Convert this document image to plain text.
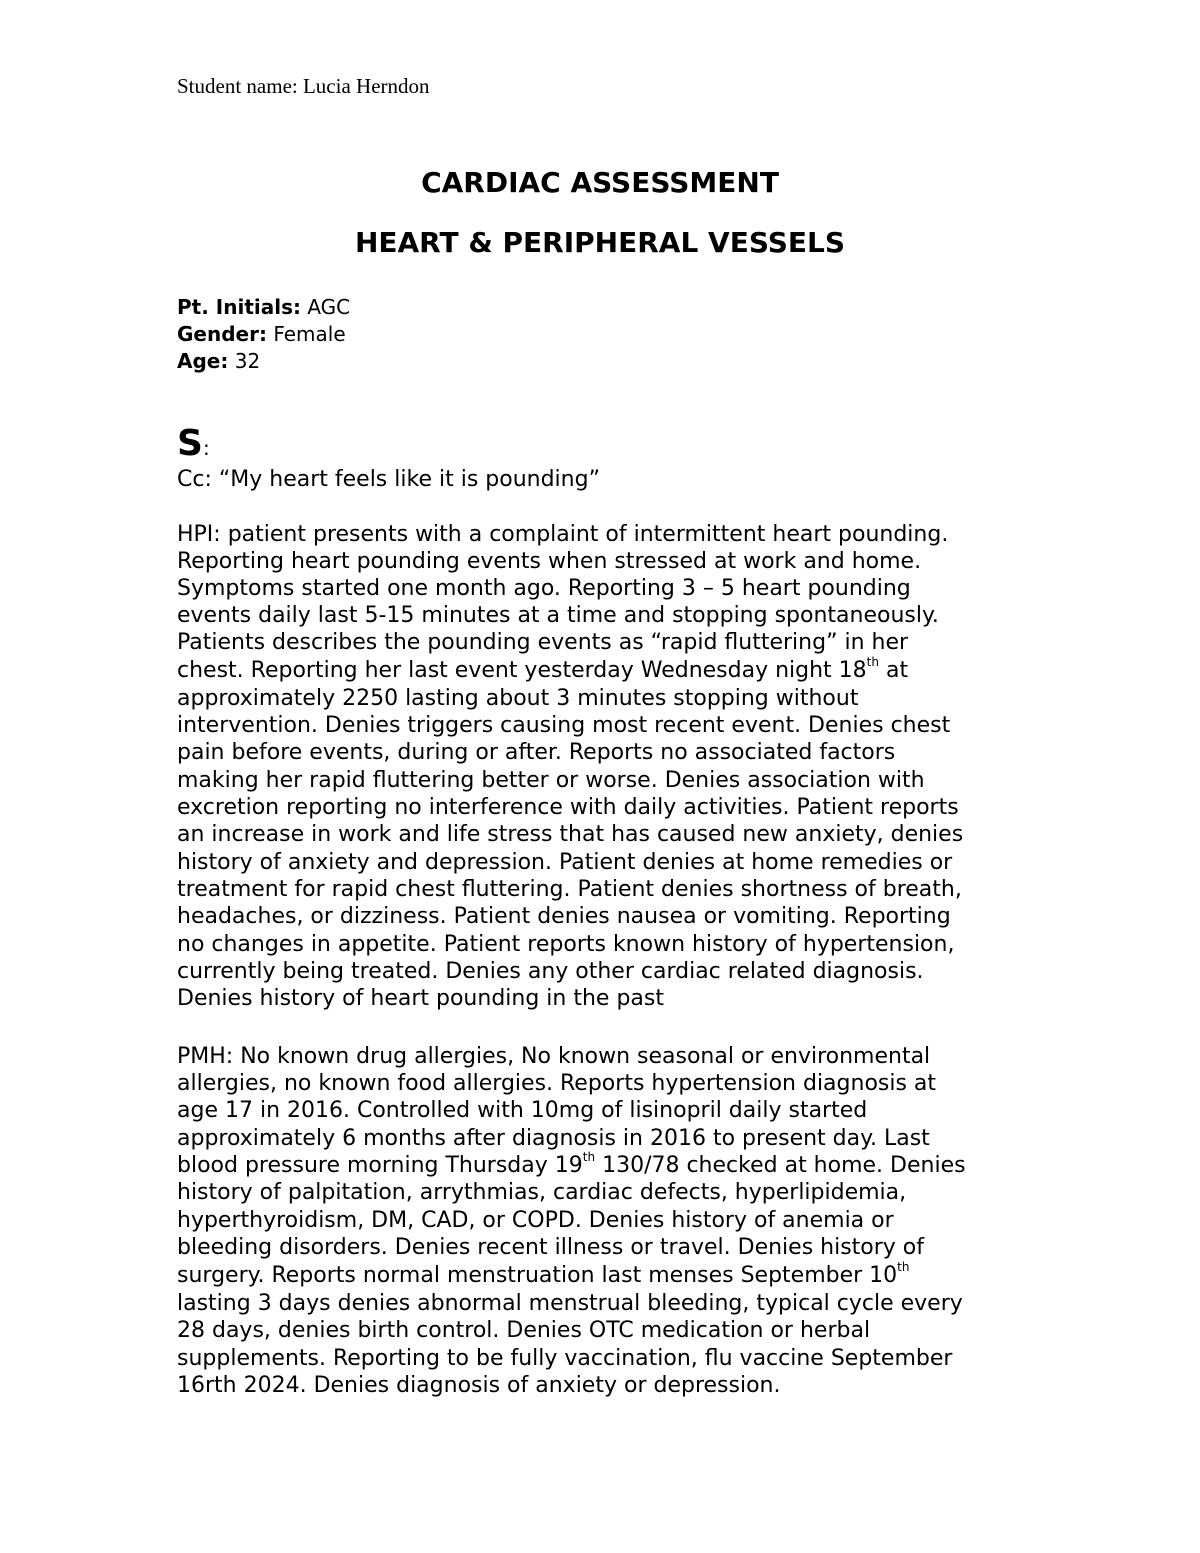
Student name: Lucia Herndon
CARDIAC ASSESSMENT
HEART & PERIPHERAL VESSELS
Pt. Initials: AGC
Gender: Female
Age: 32
S:
Cc: “My heart feels like it is pounding”
HPI: patient presents with a complaint of intermittent heart pounding.
Reporting heart pounding events when stressed at work and home.
Symptoms started one month ago. Reporting 3 – 5 heart pounding
events daily last 5-15 minutes at a time and stopping spontaneously.
Patients describes the pounding events as “rapid fluttering” in her
chest. Reporting her last event yesterday Wednesday night 18th at
approximately 2250 lasting about 3 minutes stopping without
intervention. Denies triggers causing most recent event. Denies chest
pain before events, during or after. Reports no associated factors
making her rapid fluttering better or worse. Denies association with
excretion reporting no interference with daily activities. Patient reports
an increase in work and life stress that has caused new anxiety, denies
history of anxiety and depression. Patient denies at home remedies or
treatment for rapid chest fluttering. Patient denies shortness of breath,
headaches, or dizziness. Patient denies nausea or vomiting. Reporting
no changes in appetite. Patient reports known history of hypertension,
currently being treated. Denies any other cardiac related diagnosis.
Denies history of heart pounding in the past
PMH: No known drug allergies, No known seasonal or environmental
allergies, no known food allergies. Reports hypertension diagnosis at
age 17 in 2016. Controlled with 10mg of lisinopril daily started
approximately 6 months after diagnosis in 2016 to present day. Last
blood pressure morning Thursday 19th 130/78 checked at home. Denies
history of palpitation, arrythmias, cardiac defects, hyperlipidemia,
hyperthyroidism, DM, CAD, or COPD. Denies history of anemia or
bleeding disorders. Denies recent illness or travel. Denies history of
surgery. Reports normal menstruation last menses September 10th
lasting 3 days denies abnormal menstrual bleeding, typical cycle every
28 days, denies birth control. Denies OTC medication or herbal
supplements. Reporting to be fully vaccination, flu vaccine September
16rth 2024. Denies diagnosis of anxiety or depression.
